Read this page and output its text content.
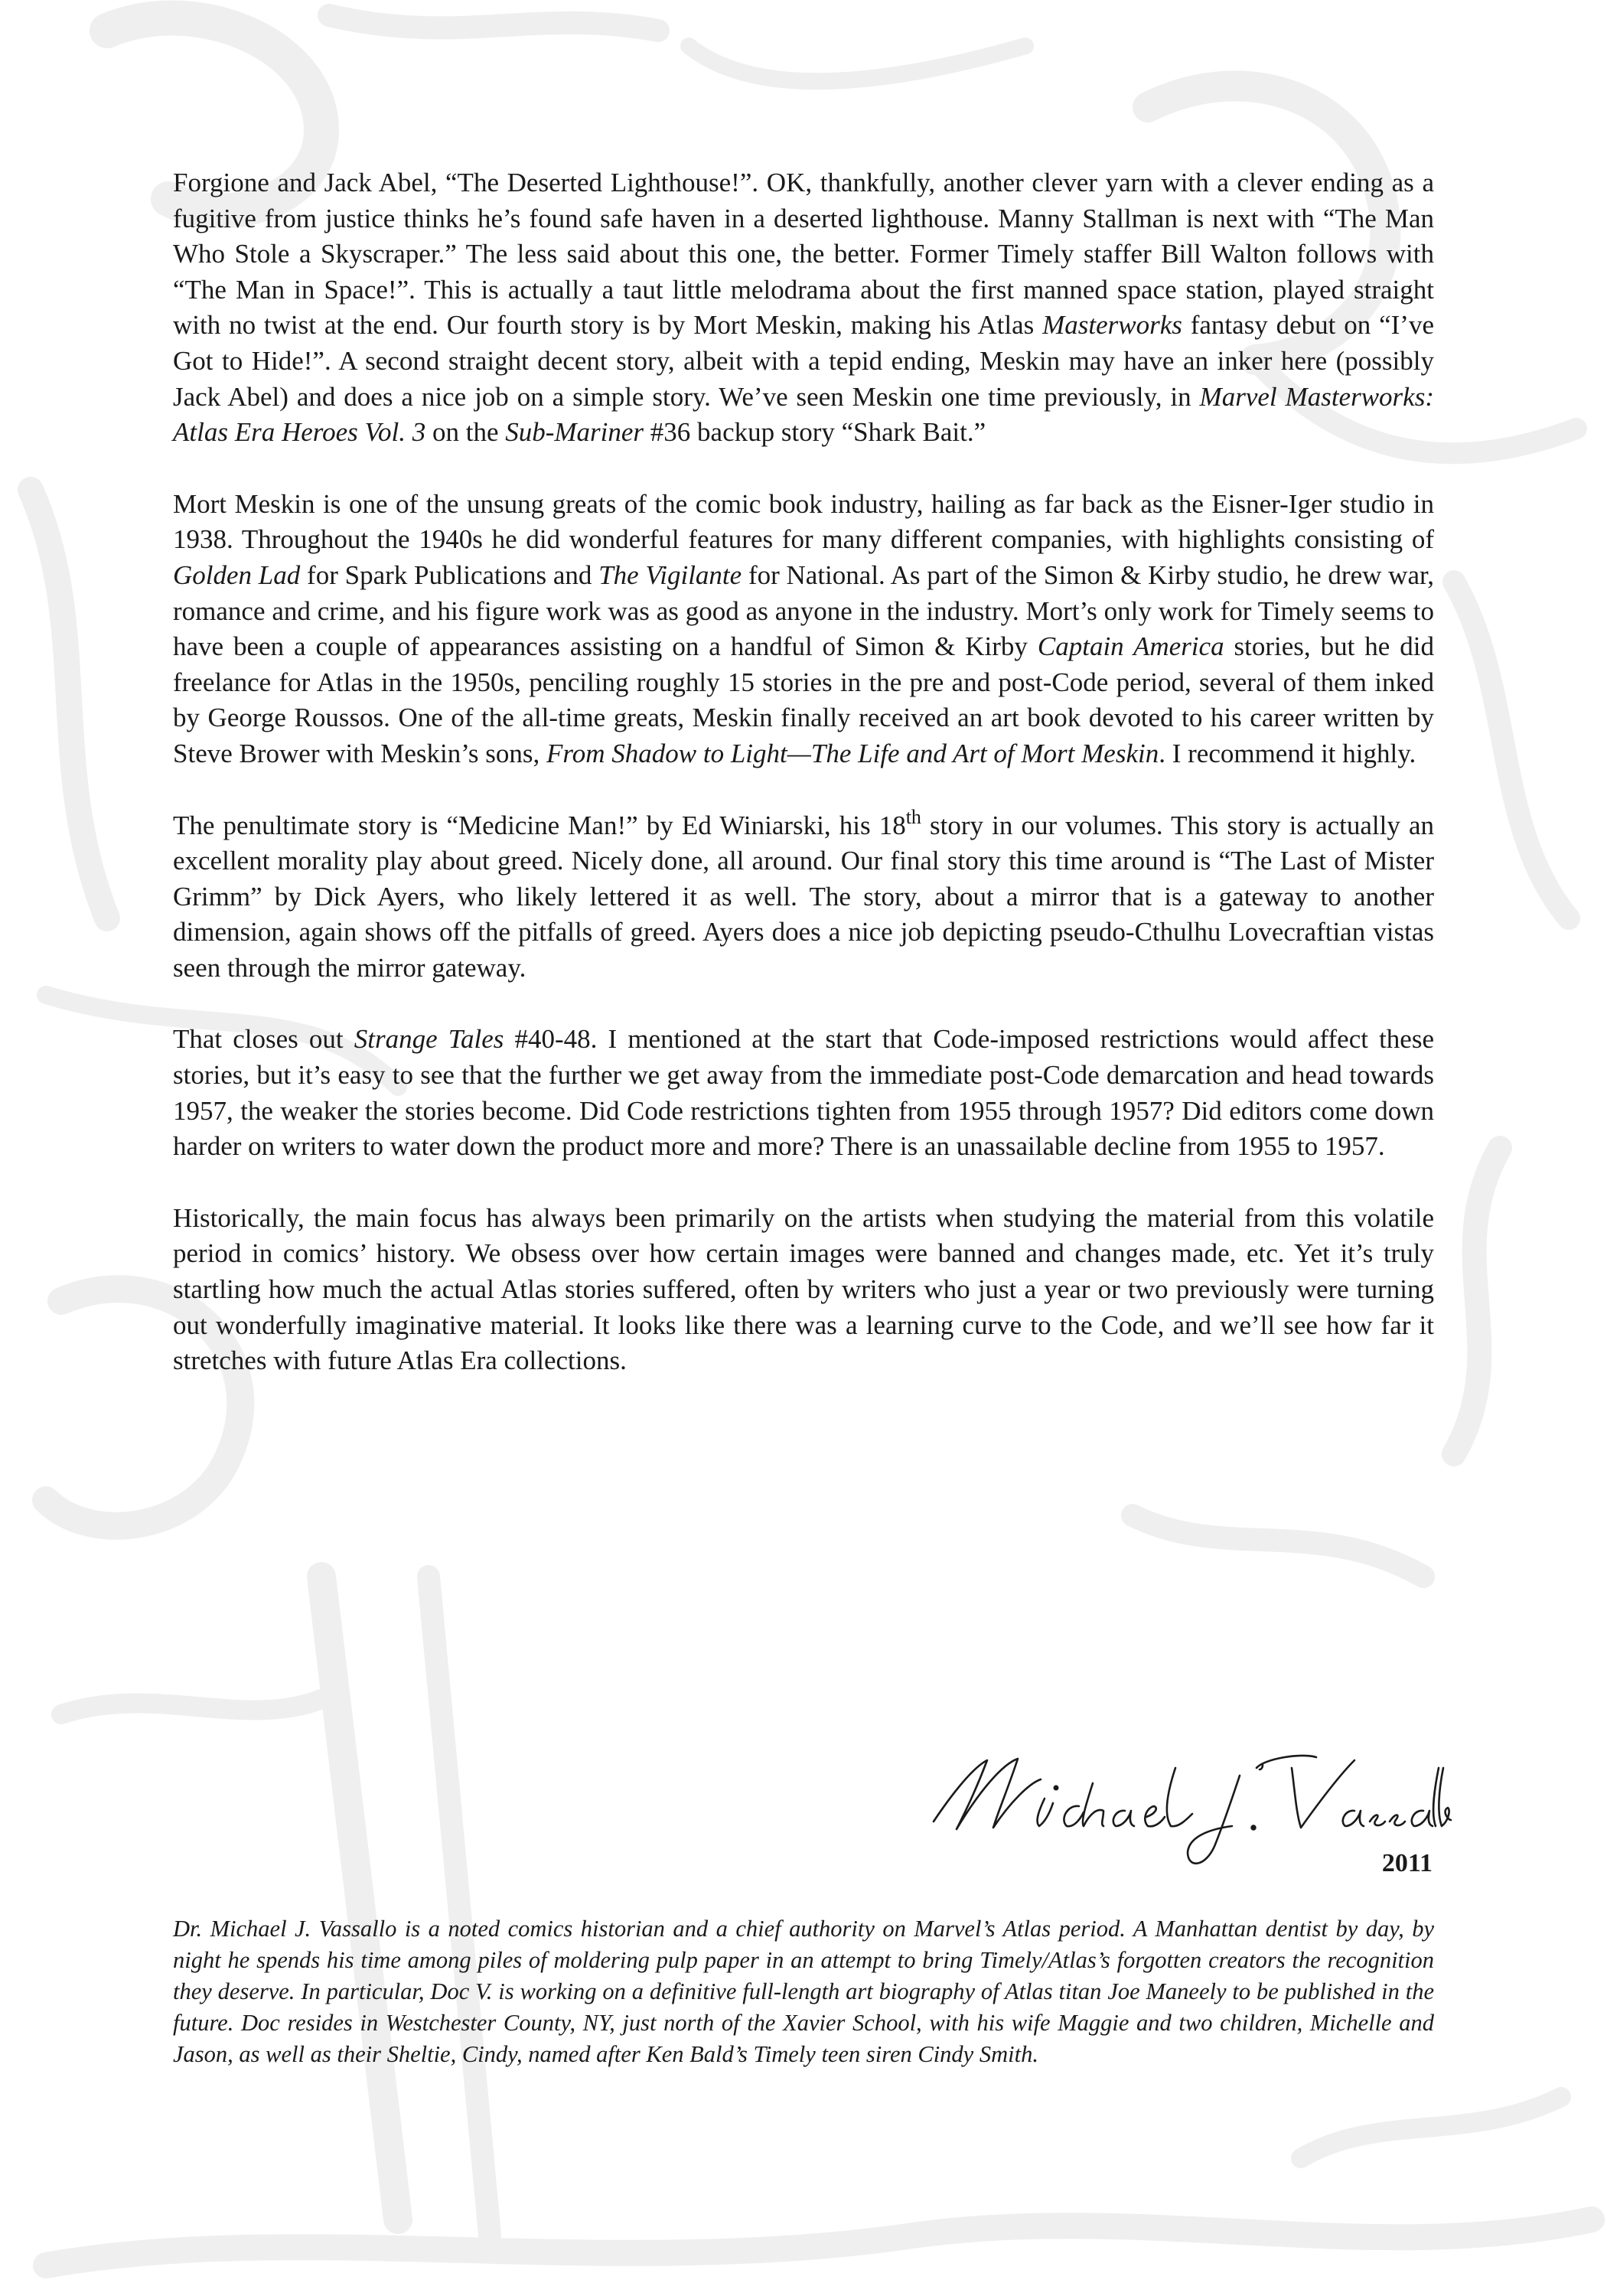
Forgione and Jack Abel, “The Deserted Lighthouse!”. OK, thankfully, another clever yarn with a clever ending as a fugitive from justice thinks he’s found safe haven in a deserted lighthouse. Manny Stallman is next with “The Man Who Stole a Skyscraper.” The less said about this one, the better. Former Timely staffer Bill Walton follows with “The Man in Space!”. This is actually a taut little melodrama about the first manned space station, played straight with no twist at the end. Our fourth story is by Mort Meskin, making his Atlas Masterworks fantasy debut on “I’ve Got to Hide!”. A second straight decent story, albeit with a tepid ending, Meskin may have an inker here (possibly Jack Abel) and does a nice job on a simple story. We’ve seen Meskin one time previously, in Marvel Masterworks: Atlas Era Heroes Vol. 3 on the Sub-Mariner #36 backup story “Shark Bait.”

Mort Meskin is one of the unsung greats of the comic book industry, hailing as far back as the Eisner-Iger studio in 1938. Throughout the 1940s he did wonderful features for many different companies, with highlights consisting of Golden Lad for Spark Publications and The Vigilante for National. As part of the Simon & Kirby studio, he drew war, romance and crime, and his figure work was as good as anyone in the industry. Mort’s only work for Timely seems to have been a couple of appearances assisting on a handful of Simon & Kirby Captain America stories, but he did freelance for Atlas in the 1950s, penciling roughly 15 stories in the pre and post-Code period, several of them inked by George Roussos. One of the all-time greats, Meskin finally received an art book devoted to his career written by Steve Brower with Meskin’s sons, From Shadow to Light—The Life and Art of Mort Meskin. I recommend it highly.

The penultimate story is “Medicine Man!” by Ed Winiarski, his 18th story in our volumes. This story is actually an excellent morality play about greed. Nicely done, all around. Our final story this time around is “The Last of Mister Grimm” by Dick Ayers, who likely lettered it as well. The story, about a mirror that is a gateway to another dimension, again shows off the pitfalls of greed. Ayers does a nice job depicting pseudo-Cthulhu Lovecraftian vistas seen through the mirror gateway.

That closes out Strange Tales #40-48. I mentioned at the start that Code-imposed restrictions would affect these stories, but it’s easy to see that the further we get away from the immediate post-Code demarcation and head towards 1957, the weaker the stories become. Did Code restrictions tighten from 1955 through 1957? Did editors come down harder on writers to water down the product more and more? There is an unassailable decline from 1955 to 1957.

Historically, the main focus has always been primarily on the artists when studying the material from this volatile period in comics’ history. We obsess over how certain images were banned and changes made, etc. Yet it’s truly startling how much the actual Atlas stories suffered, often by writers who just a year or two previously were turning out wonderfully imaginative material. It looks like there was a learning curve to the Code, and we’ll see how far it stretches with future Atlas Era collections.

2011

Dr. Michael J. Vassallo is a noted comics historian and a chief authority on Marvel’s Atlas period. A Manhattan dentist by day, by night he spends his time among piles of moldering pulp paper in an attempt to bring Timely/Atlas’s forgotten creators the recognition they deserve. In particular, Doc V. is working on a definitive full-length art biography of Atlas titan Joe Maneely to be published in the future. Doc resides in Westchester County, NY, just north of the Xavier School, with his wife Maggie and two children, Michelle and Jason, as well as their Sheltie, Cindy, named after Ken Bald’s Timely teen siren Cindy Smith.
